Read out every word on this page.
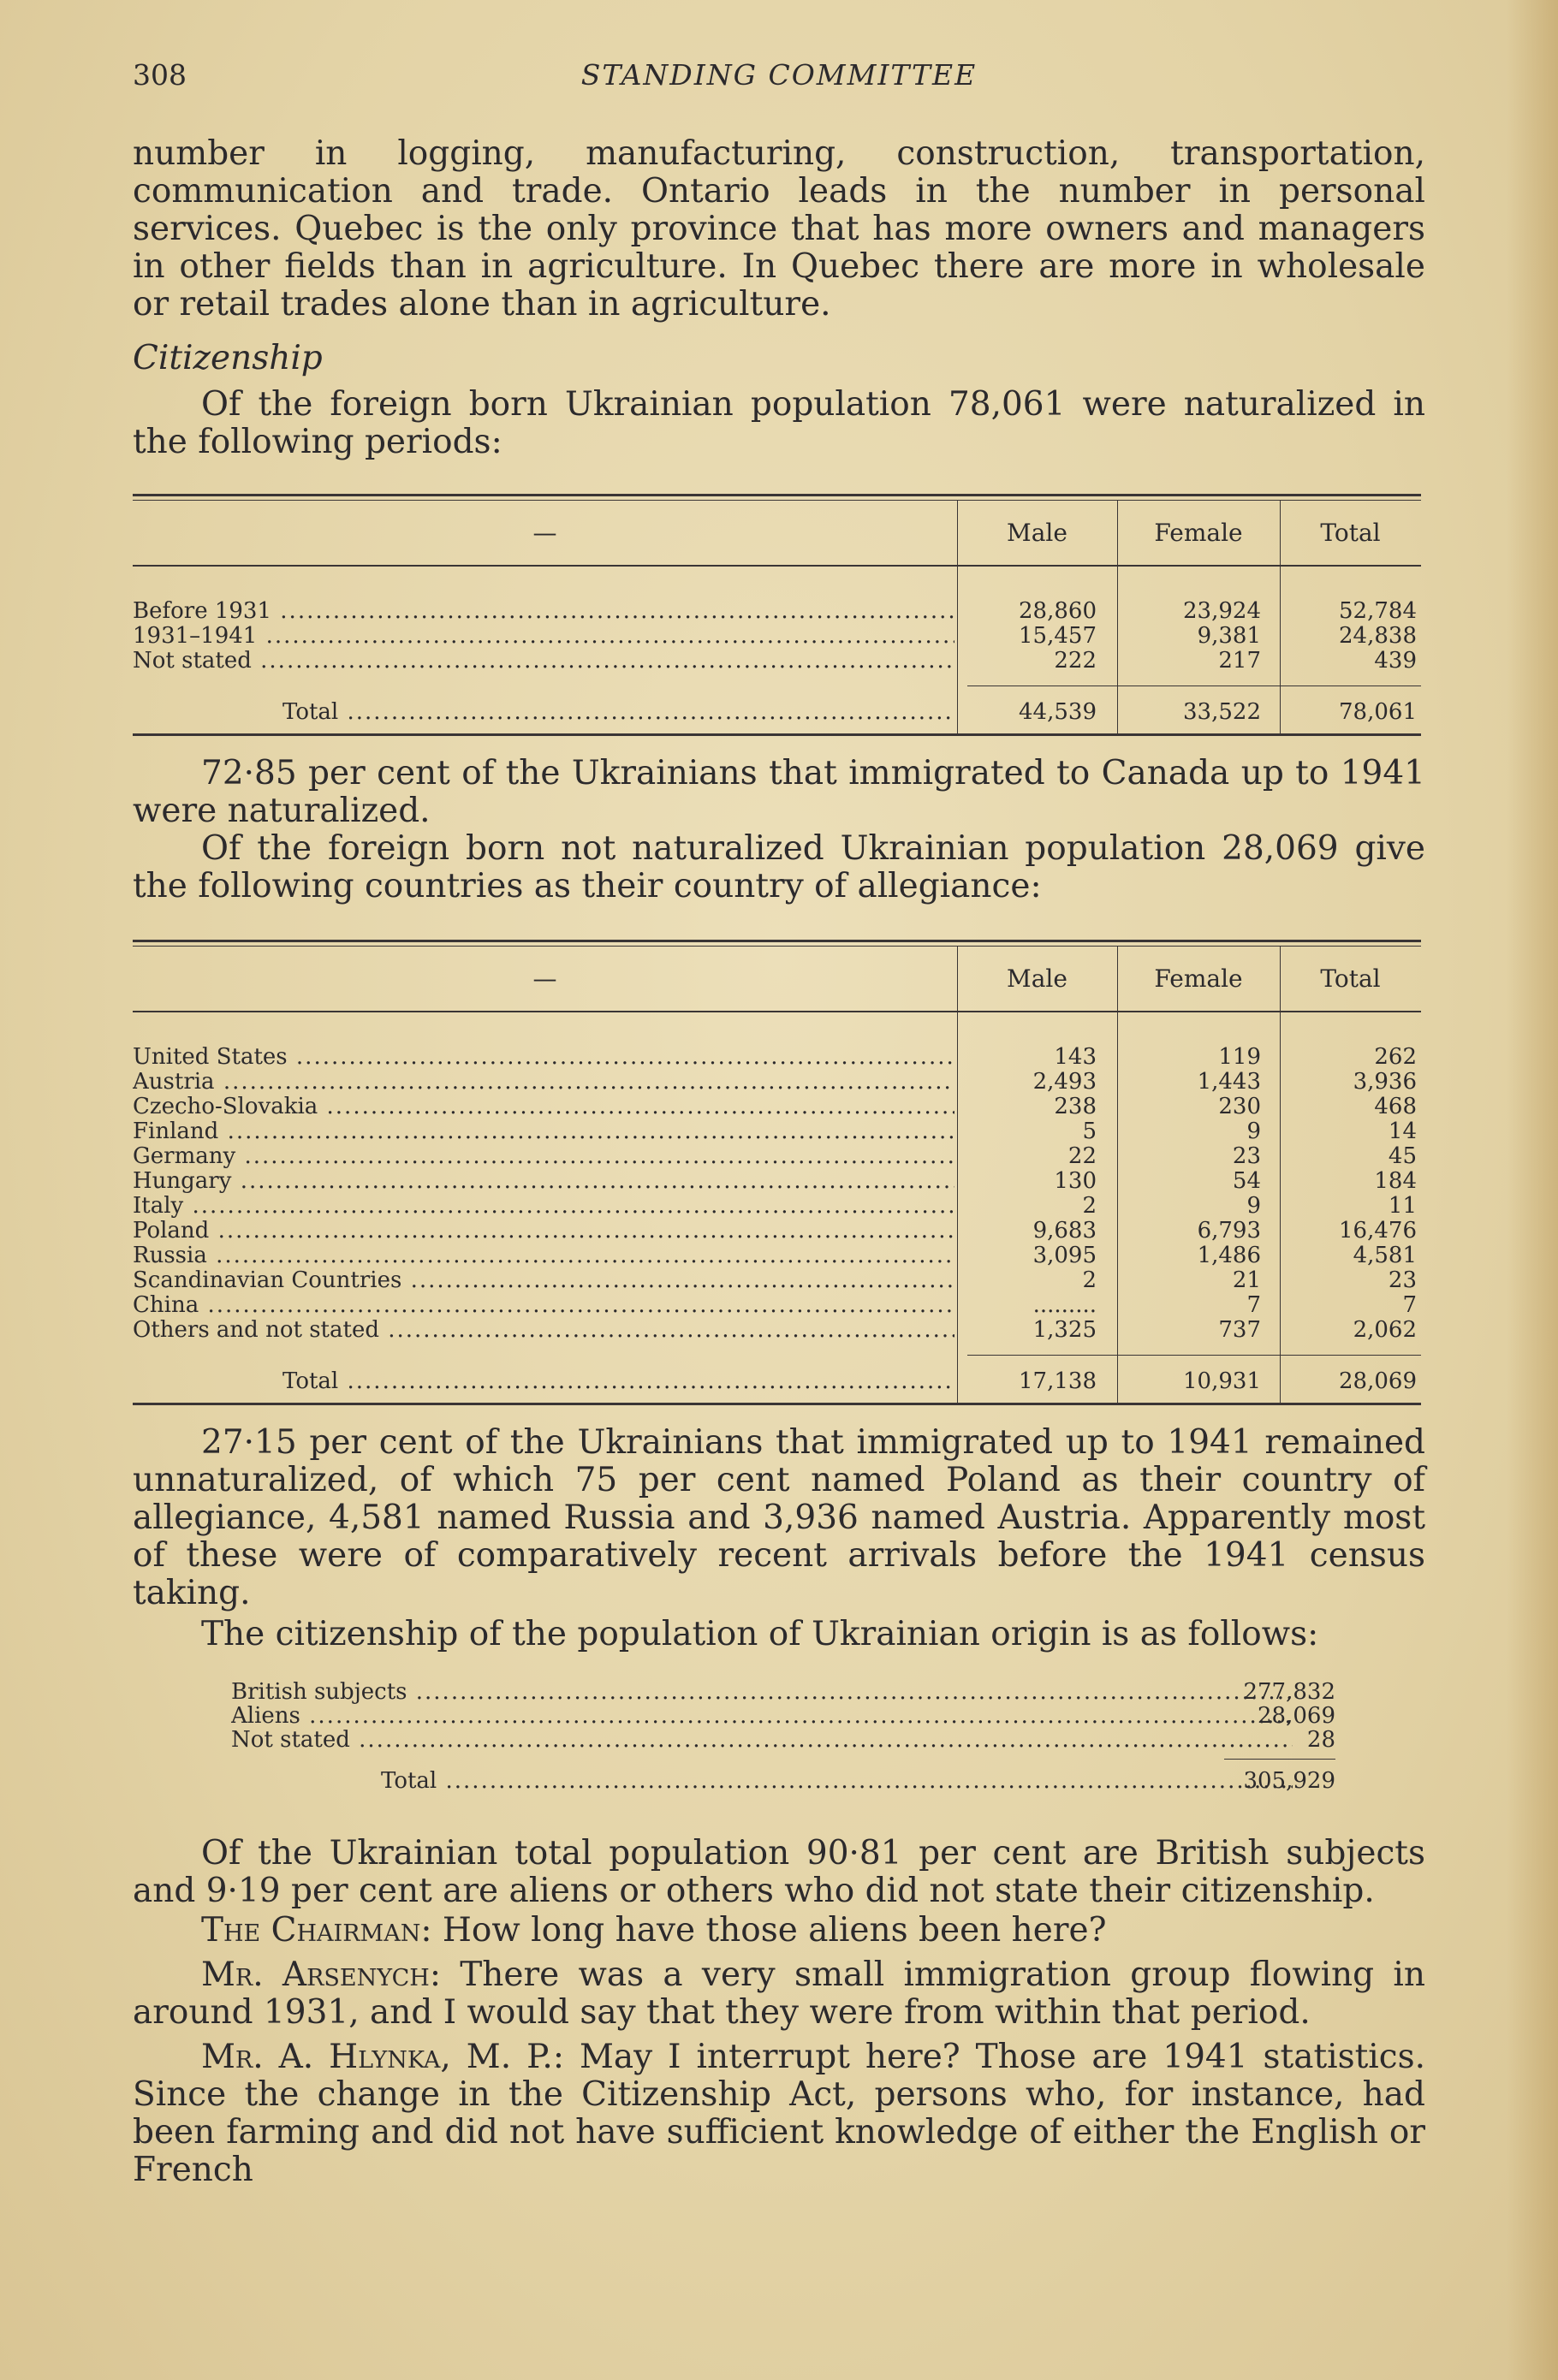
308	STANDING COMMITTEE

number in logging, manufacturing, construction, transportation, communication and trade. Ontario leads in the number in personal services. Quebec is the only province that has more owners and managers in other fields than in agriculture. In Quebec there are more in wholesale or retail trades alone than in agriculture.

Citizenship

Of the foreign born Ukrainian population 78,061 were naturalized in the following periods:

—	Male	Female	Total
Before 1931 .....	28,860	23,924	52,784
1931–1941 .....	15,457	9,381	24,838
Not stated .....	222	217	439
Total .....	44,539	33,522	78,061

72·85 per cent of the Ukrainians that immigrated to Canada up to 1941 were naturalized.

Of the foreign born not naturalized Ukrainian population 28,069 give the following countries as their country of allegiance:

—	Male	Female	Total
United States .....	143	119	262
Austria .....	2,493	1,443	3,936
Czecho-Slovakia .....	238	230	468
Finland .....	5	9	14
Germany .....	22	23	45
Hungary .....	130	54	184
Italy .....	2	9	11
Poland .....	9,683	6,793	16,476
Russia .....	3,095	1,486	4,581
Scandinavian Countries .....	2	21	23
China .....	.........	7	7
Others and not stated .....	1,325	737	2,062
Total .....	17,138	10,931	28,069

27·15 per cent of the Ukrainians that immigrated up to 1941 remained unnaturalized, of which 75 per cent named Poland as their country of allegiance, 4,581 named Russia and 3,936 named Austria. Apparently most of these were of comparatively recent arrivals before the 1941 census taking.

The citizenship of the population of Ukrainian origin is as follows:

British subjects .....	277,832
Aliens .....	28,069
Not stated .....	28
Total .....	305,929

Of the Ukrainian total population 90·81 per cent are British subjects and 9·19 per cent are aliens or others who did not state their citizenship.

The Chairman: How long have those aliens been here?

Mr. Arsenych: There was a very small immigration group flowing in around 1931, and I would say that they were from within that period.

Mr. A. Hlynka, M. P.: May I interrupt here? Those are 1941 statistics. Since the change in the Citizenship Act, persons who, for instance, had been farming and did not have sufficient knowledge of either the English or French
